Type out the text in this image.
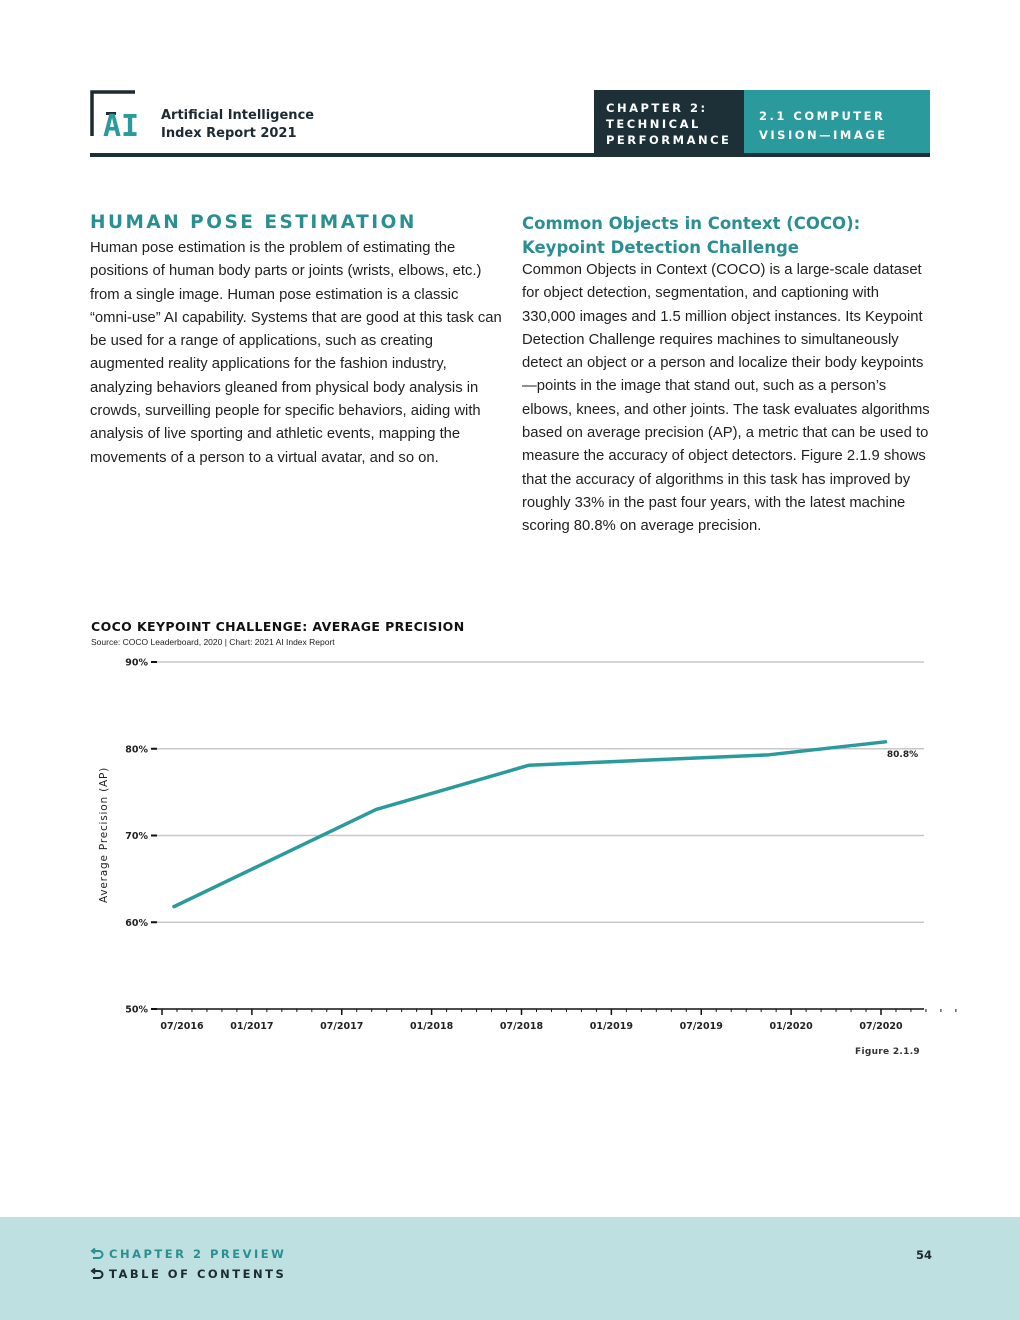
AI Artificial Intelligence
Index Report 2021
CHAPTER 2:
TECHNICAL
PERFORMANCE
2.1 COMPUTER
VISION—IMAGE
HUMAN POSE ESTIMATION
Human pose estimation is the problem of estimating the positions of human body parts or joints (wrists, elbows, etc.) from a single image. Human pose estimation is a classic “omni-use” AI capability. Systems that are good at this task can be used for a range of applications, such as creating augmented reality applications for the fashion industry, analyzing behaviors gleaned from physical body analysis in crowds, surveilling people for specific behaviors, aiding with analysis of live sporting and athletic events, mapping the movements of a person to a virtual avatar, and so on.
Common Objects in Context (COCO): Keypoint Detection Challenge
Common Objects in Context (COCO) is a large-scale dataset for object detection, segmentation, and captioning with 330,000 images and 1.5 million object instances. Its Keypoint Detection Challenge requires machines to simultaneously detect an object or a person and localize their body keypoints—points in the image that stand out, such as a person’s elbows, knees, and other joints. The task evaluates algorithms based on average precision (AP), a metric that can be used to measure the accuracy of object detectors. Figure 2.1.9 shows that the accuracy of algorithms in this task has improved by roughly 33% in the past four years, with the latest machine scoring 80.8% on average precision.
COCO KEYPOINT CHALLENGE: AVERAGE PRECISION
Source: COCO Leaderboard, 2020 | Chart: 2021 AI Index Report
50%
60%
70%
80%
90%
07/2016	01/2017	07/2017	01/2018	07/2018	01/2019	07/2019	01/2020	07/2020
Average Precision (AP)
80.8%
Figure 2.1.9
CHAPTER 2 PREVIEW
TABLE OF CONTENTS
54
